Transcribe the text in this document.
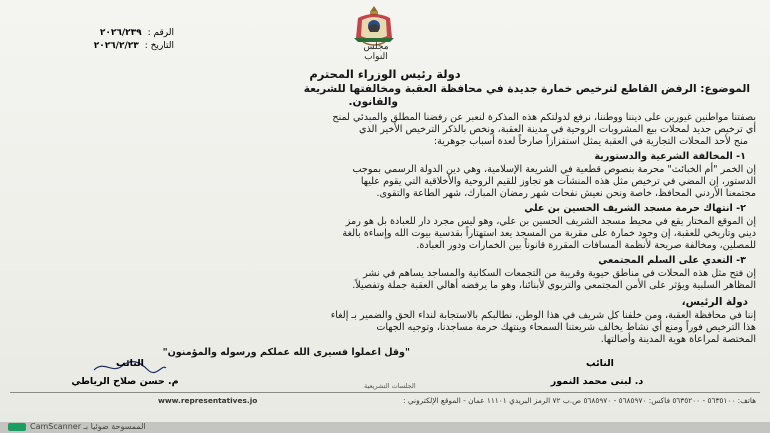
مجلس النواب
الرقم :٢٠٢٦/٢٣٩
التاريخ :٢٠٢٦/٢/٢٣
دولة رئيس الوزراء المحترم
الموضوع: الرفض القاطع لترخيص خمارة جديدة في محافظة العقبة ومخالفتها للشريعة
والقانون.
بصفتنا مواطنين غيورين على ديننا ووطننا، نرفع لدولتكم هذه المذكرة لنعبر عن رفضنا المطلق والمبدئي لمنح
أي ترخيص جديد لمحلات بيع المشروبات الروحية في مدينة العقبة، ونخص بالذكر الترخيص الأخير الذي
منح لأحد المحلات التجارية في العقبة يمثل استفزازاً صارخاً لعدة أسباب جوهرية:
١- المخالفة الشرعية والدستورية
إن الخمر "أم الخبائث" محرمة بنصوص قطعية في الشريعة الإسلامية، وهي دين الدولة الرسمي بموجب
الدستور، إن المضي في ترخيص مثل هذه المنشآت هو تجاوز للقيم الروحية والأخلاقية التي يقوم عليها
مجتمعنا الأردني المحافظ، خاصة ونحن نعيش نفحات شهر رمضان المبارك، شهر الطاعة والتقوى.
٢- انتهاك حرمة مسجد الشريف الحسين بن علي
إن الموقع المختار يقع في محيط مسجد الشريف الحسين بن علي، وهو ليس مجرد دار للعبادة بل هو رمز
ديني وتاريخي للعقبة، إن وجود خمارة على مقربة من المسجد يعد استهتاراً بقدسية بيوت الله وإساءة بالغة
للمصلين، ومخالفة صريحة لأنظمة المسافات المقررة قانوناً بين الخمارات ودور العبادة.
٣- التعدي على السلم المجتمعي
إن فتح مثل هذه المحلات في مناطق حيوية وقريبة من التجمعات السكانية والمساجد يساهم في نشر
المظاهر السلبية ويؤثر على الأمن المجتمعي والتربوي لأبنائنا، وهو ما يرفضه أهالي العقبة جملة وتفصيلاً.
دولة الرئيس،
إننا في محافظة العقبة، ومن خلفنا كل شريف في هذا الوطن، نطالبكم بالاستجابة لنداء الحق والضمير بـ إلغاء
هذا الترخيص فوراً ومنع أي نشاط يخالف شريعتنا السمحاء وينتهك حرمة مساجدنا، وتوجيه الجهات
المختصة لمراعاة هوية المدينة وأصالتها.
"وقل اعملوا فسيرى الله عملكم ورسوله والمؤمنون"
النائب
د. لبنى محمد النمور
النائب
م. حسن صلاح الرياطي	الجلسات التشريعية
www.representatives.jo	هاتف: ٥٦٣٥١٠٠ - ٥٦٣٥٢٠٠ فاكس: ٥٦٨٥٩٧٠ - ٥٦٨٥٩٧٠ ص.ب ٧٢ الرمز البريدي ١١١٠١ عمان - الموقع الإلكتروني :
الممسوحة ضوئيا بـ CamScanner
